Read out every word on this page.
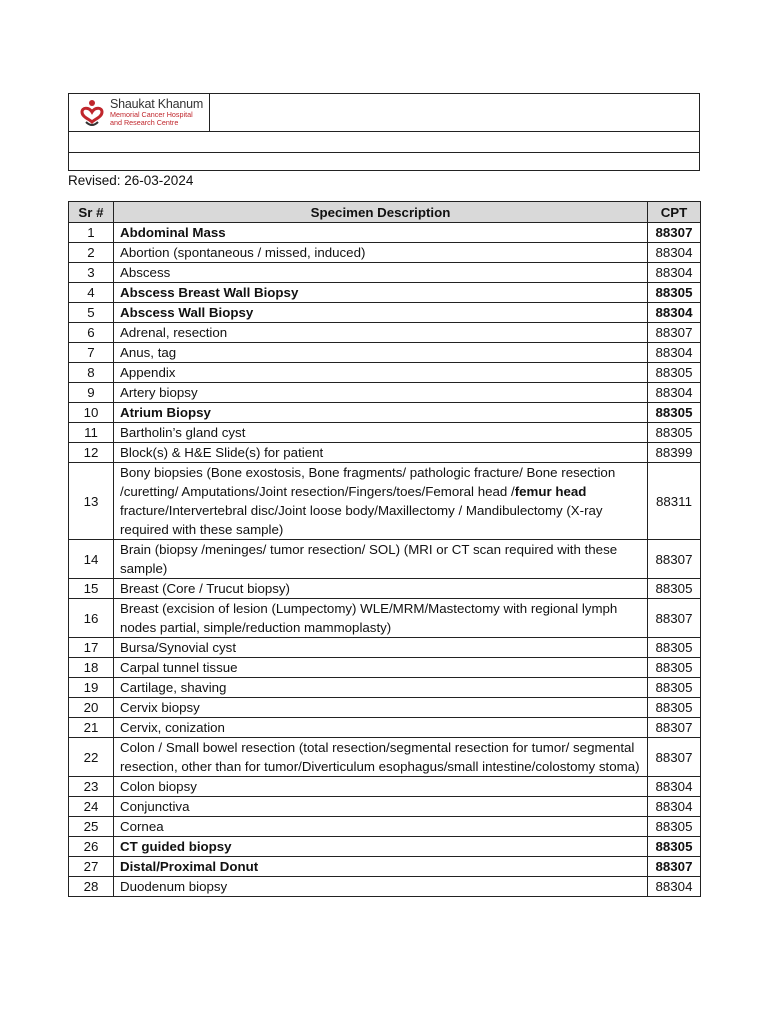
Shaukat Khanum
Memorial Cancer Hospital
and Research Centre
Revised: 26-03-2024
Sr #	Specimen Description	CPT
1	Abdominal Mass	88307
2	Abortion (spontaneous / missed, induced)	88304
3	Abscess	88304
4	Abscess Breast Wall Biopsy	88305
5	Abscess Wall Biopsy	88304
6	Adrenal, resection	88307
7	Anus, tag	88304
8	Appendix	88305
9	Artery biopsy	88304
10	Atrium Biopsy	88305
11	Bartholin’s gland cyst	88305
12	Block(s) & H&E Slide(s) for patient	88399
13	Bony biopsies (Bone exostosis, Bone fragments/ pathologic fracture/ Bone resection /curetting/ Amputations/Joint resection/Fingers/toes/Femoral head /femur head fracture/Intervertebral disc/Joint loose body/Maxillectomy / Mandibulectomy (X-ray required with these sample)	88311
14	Brain (biopsy /meninges/ tumor resection/ SOL) (MRI or CT scan required with these sample)	88307
15	Breast (Core / Trucut biopsy)	88305
16	Breast (excision of lesion (Lumpectomy) WLE/MRM/Mastectomy with regional lymph nodes partial, simple/reduction mammoplasty)	88307
17	Bursa/Synovial cyst	88305
18	Carpal tunnel tissue	88305
19	Cartilage, shaving	88305
20	Cervix biopsy	88305
21	Cervix, conization	88307
22	Colon / Small bowel resection (total resection/segmental resection for tumor/ segmental resection, other than for tumor/Diverticulum esophagus/small intestine/colostomy stoma)	88307
23	Colon biopsy	88304
24	Conjunctiva	88304
25	Cornea	88305
26	CT guided biopsy	88305
27	Distal/Proximal Donut	88307
28	Duodenum biopsy	88304
